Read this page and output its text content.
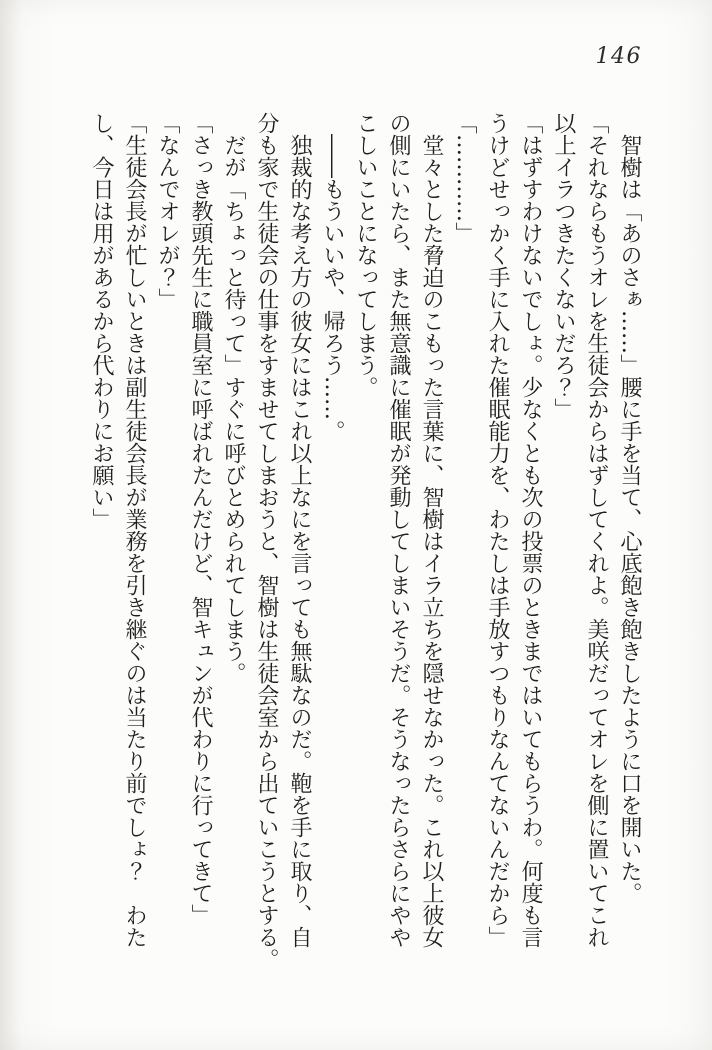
146
智樹は「あのさぁ……」腰に手を当て、心底飽き飽きしたように口を開いた。
「それならもうオレを生徒会からはずしてくれよ。美咲だってオレを側に置いてこれ
以上イラつきたくないだろ？」
「はずすわけないでしょ。少なくとも次の投票のときまではいてもらうわ。何度も言
うけどせっかく手に入れた催眠能力を、わたしは手放すつもりなんてないんだから」
「…………」
堂々とした脅迫のこもった言葉に、智樹はイラ立ちを隠せなかった。これ以上彼女
の側にいたら、また無意識に催眠が発動してしまいそうだ。そうなったらさらにやや
こしいことになってしまう。
――もういいや、帰ろう……。
独裁的な考え方の彼女にはこれ以上なにを言っても無駄なのだ。鞄を手に取り、自
分も家で生徒会の仕事をすませてしまおうと、智樹は生徒会室から出ていこうとする。
だが「ちょっと待って」すぐに呼びとめられてしまう。
「さっき教頭先生に職員室に呼ばれたんだけど、智キュンが代わりに行ってきて」
「なんでオレが？」
「生徒会長が忙しいときは副生徒会長が業務を引き継ぐのは当たり前でしょ？　わた
し、今日は用があるから代わりにお願い」
